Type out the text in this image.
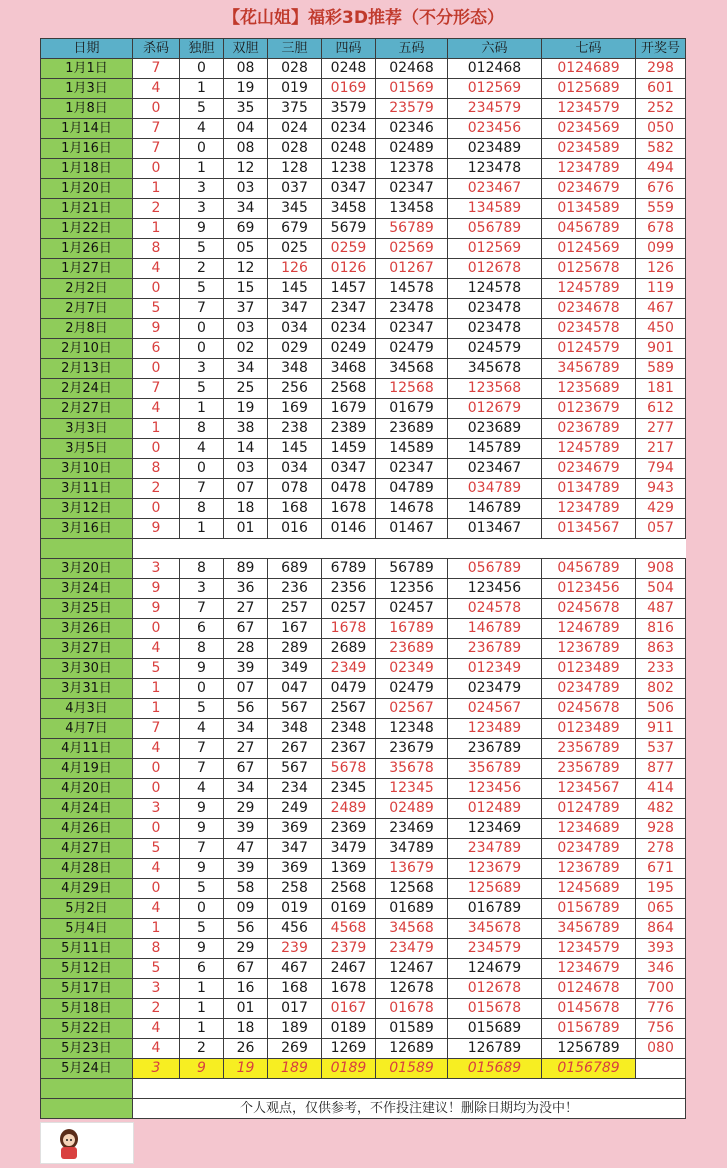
【花山姐】福彩3D推荐（不分形态）
日期	杀码	独胆	双胆	三胆	四码	五码	六码	七码	开奖号
1月1日	7	0	08	028	0248	02468	012468	0124689	298
1月3日	4	1	19	019	0169	01569	012569	0125689	601
1月8日	0	5	35	375	3579	23579	234579	1234579	252
1月14日	7	4	04	024	0234	02346	023456	0234569	050
1月16日	7	0	08	028	0248	02489	023489	0234589	582
1月18日	0	1	12	128	1238	12378	123478	1234789	494
1月20日	1	3	03	037	0347	02347	023467	0234679	676
1月21日	2	3	34	345	3458	13458	134589	0134589	559
1月22日	1	9	69	679	5679	56789	056789	0456789	678
1月26日	8	5	05	025	0259	02569	012569	0124569	099
1月27日	4	2	12	126	0126	01267	012678	0125678	126
2月2日	0	5	15	145	1457	14578	124578	1245789	119
2月7日	5	7	37	347	2347	23478	023478	0234678	467
2月8日	9	0	03	034	0234	02347	023478	0234578	450
2月10日	6	0	02	029	0249	02479	024579	0124579	901
2月13日	0	3	34	348	3468	34568	345678	3456789	589
2月24日	7	5	25	256	2568	12568	123568	1235689	181
2月27日	4	1	19	169	1679	01679	012679	0123679	612
3月3日	1	8	38	238	2389	23689	023689	0236789	277
3月5日	0	4	14	145	1459	14589	145789	1245789	217
3月10日	8	0	03	034	0347	02347	023467	0234679	794
3月11日	2	7	07	078	0478	04789	034789	0134789	943
3月12日	0	8	18	168	1678	14678	146789	1234789	429
3月16日	9	1	01	016	0146	01467	013467	0134567	057

3月20日	3	8	89	689	6789	56789	056789	0456789	908
3月24日	9	3	36	236	2356	12356	123456	0123456	504
3月25日	9	7	27	257	0257	02457	024578	0245678	487
3月26日	0	6	67	167	1678	16789	146789	1246789	816
3月27日	4	8	28	289	2689	23689	236789	1236789	863
3月30日	5	9	39	349	2349	02349	012349	0123489	233
3月31日	1	0	07	047	0479	02479	023479	0234789	802
4月3日	1	5	56	567	2567	02567	024567	0245678	506
4月7日	7	4	34	348	2348	12348	123489	0123489	911
4月11日	4	7	27	267	2367	23679	236789	2356789	537
4月19日	0	7	67	567	5678	35678	356789	2356789	877
4月20日	0	4	34	234	2345	12345	123456	1234567	414
4月24日	3	9	29	249	2489	02489	012489	0124789	482
4月26日	0	9	39	369	2369	23469	123469	1234689	928
4月27日	5	7	47	347	3479	34789	234789	0234789	278
4月28日	4	9	39	369	1369	13679	123679	1236789	671
4月29日	0	5	58	258	2568	12568	125689	1245689	195
5月2日	4	0	09	019	0169	01689	016789	0156789	065
5月4日	1	5	56	456	4568	34568	345678	3456789	864
5月11日	8	9	29	239	2379	23479	234579	1234579	393
5月12日	5	6	67	467	2467	12467	124679	1234679	346
5月17日	3	1	16	168	1678	12678	012678	0124678	700
5月18日	2	1	01	017	0167	01678	015678	0145678	776
5月22日	4	1	18	189	0189	01589	015689	0156789	756
5月23日	4	2	26	269	1269	12689	126789	1256789	080
5月24日	3	9	19	189	0189	01589	015689	0156789	

	个人观点，仅供参考，不作投注建议！删除日期均为没中！								
